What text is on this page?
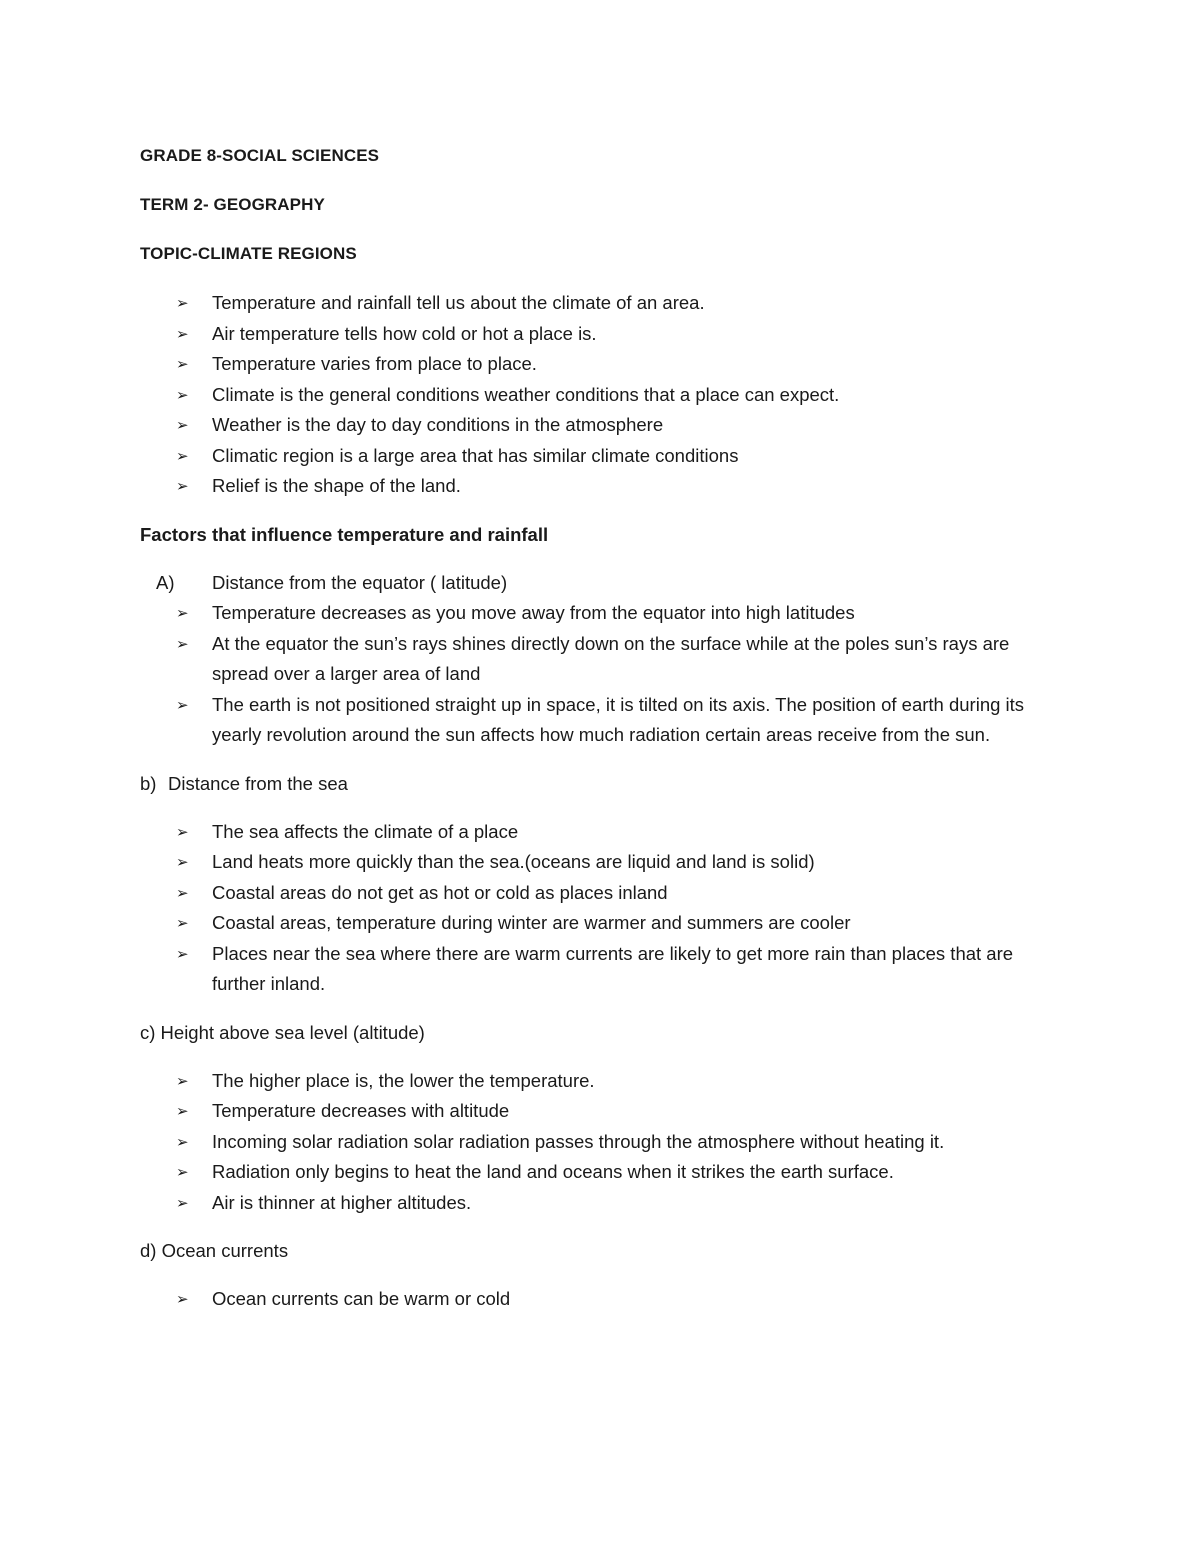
GRADE 8-SOCIAL SCIENCES

TERM 2- GEOGRAPHY

TOPIC-CLIMATE REGIONS

➢	Temperature and rainfall tell us about the climate of an area.
➢	Air temperature tells how cold or hot a place is.
➢	Temperature varies from place to place.
➢	Climate is the general conditions weather conditions that a place can expect.
➢	Weather is the day to day conditions in the atmosphere
➢	Climatic region is a large area that has similar climate conditions
➢	Relief is the shape of the land.

Factors that influence temperature and rainfall

A) Distance from the equator ( latitude)
➢	Temperature decreases as you move away from the equator into high latitudes
➢	At the equator the sun’s rays shines directly down on the surface while at the poles sun’s rays are spread over a larger area of land
➢	The earth is not positioned straight up in space, it is tilted on its axis. The position of earth during its yearly revolution around the sun affects how much radiation certain areas receive from the sun.

b) Distance from the sea

➢	The sea affects the climate of a place
➢	Land heats more quickly than the sea.(oceans are liquid and land is solid)
➢	Coastal areas do not get as hot or cold as places inland
➢	Coastal areas, temperature during winter are warmer and summers are cooler
➢	Places near the sea where there are warm currents are likely to get more rain than places that are further inland.

c) Height above sea level (altitude)

➢	The higher place is, the lower the temperature.
➢	Temperature decreases with altitude
➢	Incoming solar radiation solar radiation passes through the atmosphere without heating it.
➢	Radiation only begins to heat the land and oceans when it strikes the earth surface.
➢	Air is thinner at higher altitudes.

d) Ocean currents

➢	Ocean currents can be warm or cold
